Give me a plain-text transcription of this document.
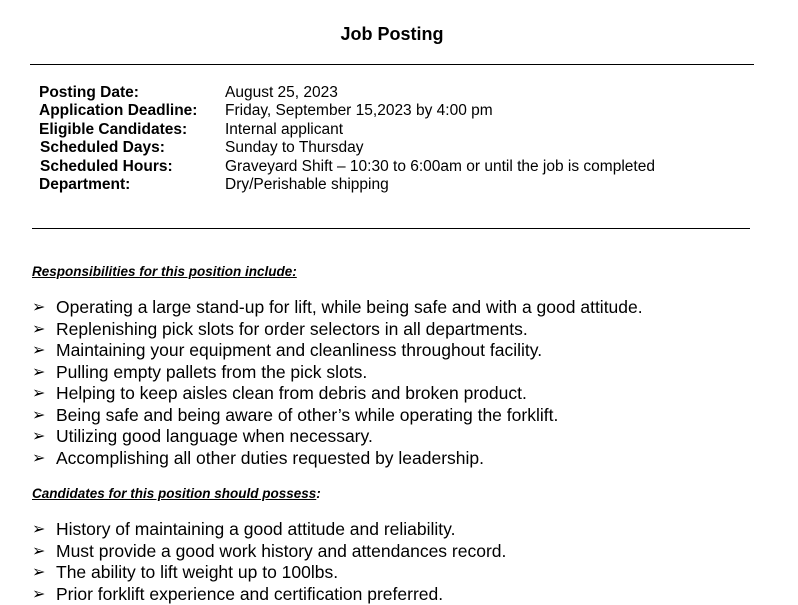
Job Posting
Posting Date:	August 25, 2023
Application Deadline:	Friday, September 15,2023 by 4:00 pm
Eligible Candidates:	Internal applicant
Scheduled Days:	Sunday to Thursday
Scheduled Hours:	Graveyard Shift – 10:30 to 6:00am or until the job is completed
Department:	Dry/Perishable shipping
Responsibilities for this position include:
➢ Operating a large stand-up for lift, while being safe and with a good attitude.
➢ Replenishing pick slots for order selectors in all departments.
➢ Maintaining your equipment and cleanliness throughout facility.
➢ Pulling empty pallets from the pick slots.
➢ Helping to keep aisles clean from debris and broken product.
➢ Being safe and being aware of other’s while operating the forklift.
➢ Utilizing good language when necessary.
➢ Accomplishing all other duties requested by leadership.
Candidates for this position should possess:
➢ History of maintaining a good attitude and reliability.
➢ Must provide a good work history and attendances record.
➢ The ability to lift weight up to 100lbs.
➢ Prior forklift experience and certification preferred.
